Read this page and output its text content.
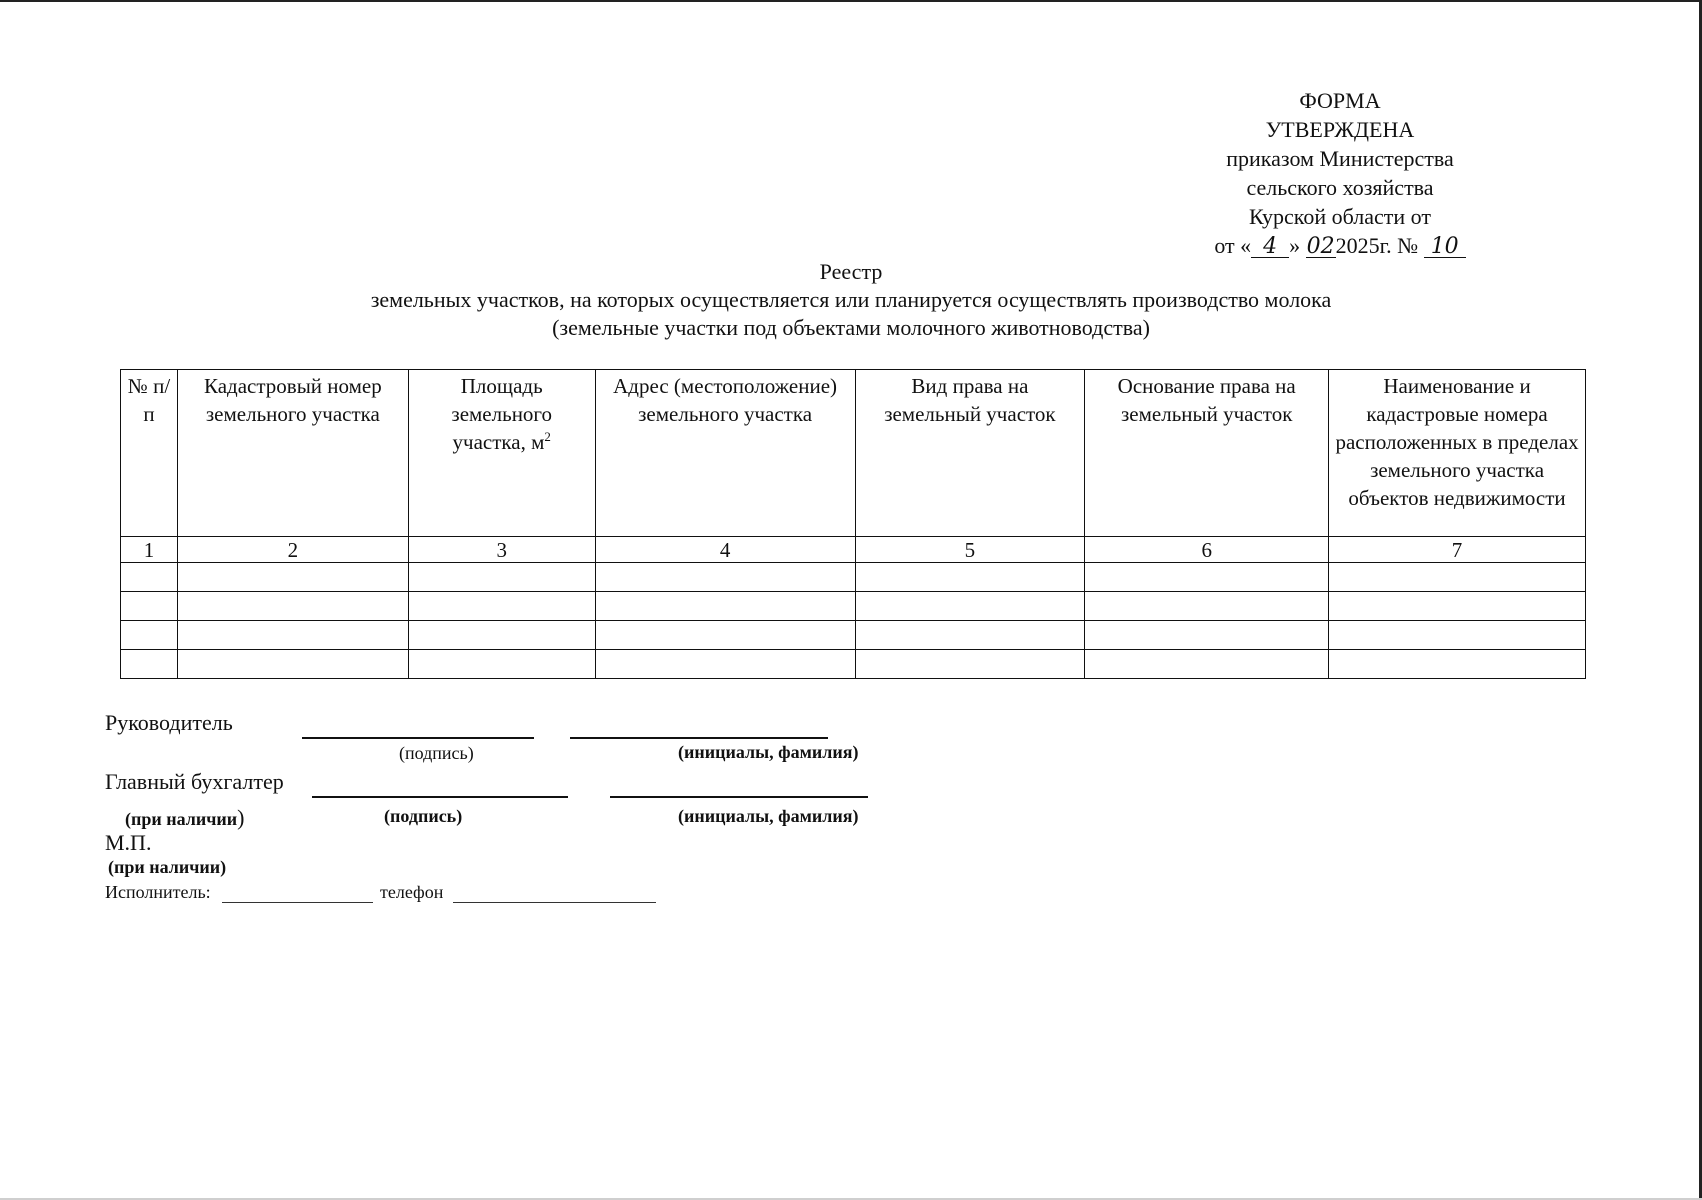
ФОРМА
УТВЕРЖДЕНА
приказом Министерства
сельского хозяйства
Курской области от
от « 4 » 022025г. № 10
Реестр
земельных участков, на которых осуществляется или планируется осуществлять производство молока
(земельные участки под объектами молочного животноводства)
№ п/п	Кадастровый номер земельного участка	Площадь земельного участка, $м^2$	Адрес (местоположение) земельного участка	Вид права на земельный участок	Основание права на земельный участок	Наименование и кадастровые номера расположенных в пределах земельного участка объектов недвижимости
1	2	3	4	5	6	7

Руководитель
(подпись)	(инициалы, фамилия)
Главный бухгалтер
(при наличии)	(подпись)	(инициалы, фамилия)
М.П.
(при наличии)
Исполнитель:	телефон
